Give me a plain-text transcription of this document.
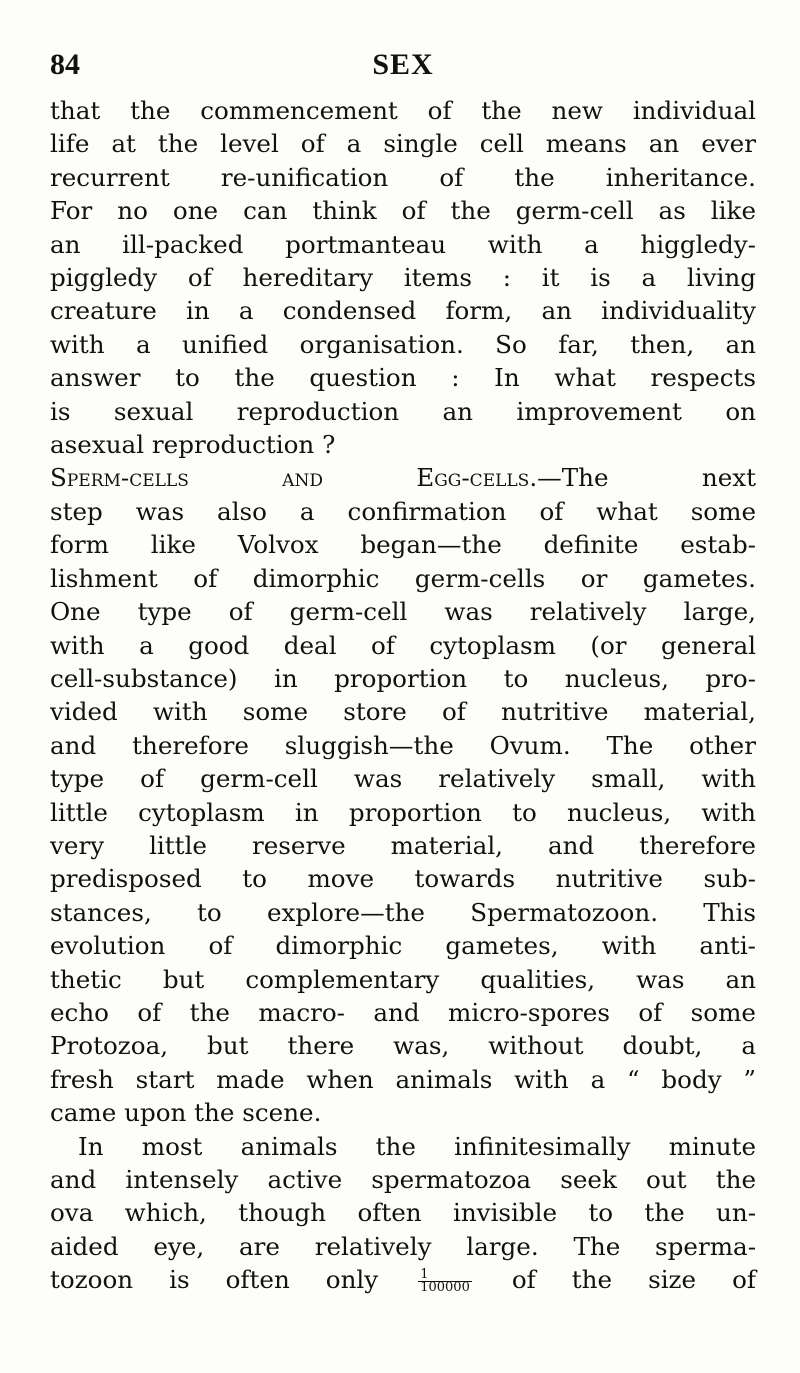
84	SEX
that the commencement of the new individual
life at the level of a single cell means an ever
recurrent re-unification of the inheritance.
For no one can think of the germ-cell as like
an ill-packed portmanteau with a higgledy-
piggledy of hereditary items : it is a living
creature in a condensed form, an individuality
with a unified organisation. So far, then, an
answer to the question : In what respects
is sexual reproduction an improvement on
asexual reproduction ?
Sperm-cells and Egg-cells.—The next
step was also a confirmation of what some
form like Volvox began—the definite estab-
lishment of dimorphic germ-cells or gametes.
One type of germ-cell was relatively large,
with a good deal of cytoplasm (or general
cell-substance) in proportion to nucleus, pro-
vided with some store of nutritive material,
and therefore sluggish—the Ovum. The other
type of germ-cell was relatively small, with
little cytoplasm in proportion to nucleus, with
very little reserve material, and therefore
predisposed to move towards nutritive sub-
stances, to explore—the Spermatozoon. This
evolution of dimorphic gametes, with anti-
thetic but complementary qualities, was an
echo of the macro- and micro-spores of some
Protozoa, but there was, without doubt, a
fresh start made when animals with a “ body ”
came upon the scene.
In most animals the infinitesimally minute
and intensely active spermatozoa seek out the
ova which, though often invisible to the un-
aided eye, are relatively large. The sperma-
tozoon is often only	$\frac{1}{100000}$ of the size of
